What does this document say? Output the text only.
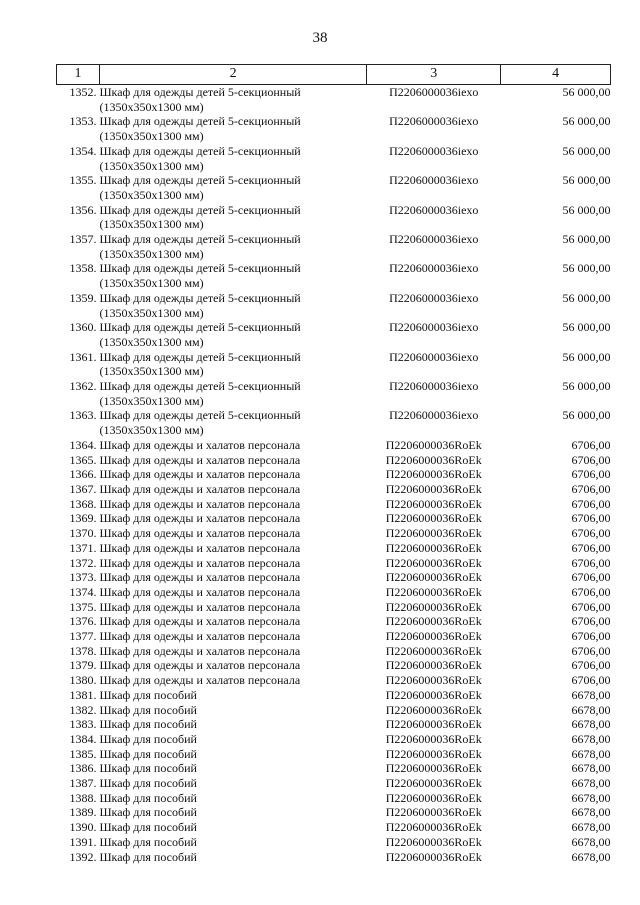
38
1	2	3	4
1352.	Шкаф для одежды детей 5-секционный (1350x350x1300 мм)	П2206000036iexo	56 000,00
1353.	Шкаф для одежды детей 5-секционный (1350x350x1300 мм)	П2206000036iexo	56 000,00
1354.	Шкаф для одежды детей 5-секционный (1350x350x1300 мм)	П2206000036iexo	56 000,00
1355.	Шкаф для одежды детей 5-секционный (1350x350x1300 мм)	П2206000036iexo	56 000,00
1356.	Шкаф для одежды детей 5-секционный (1350x350x1300 мм)	П2206000036iexo	56 000,00
1357.	Шкаф для одежды детей 5-секционный (1350x350x1300 мм)	П2206000036iexo	56 000,00
1358.	Шкаф для одежды детей 5-секционный (1350x350x1300 мм)	П2206000036iexo	56 000,00
1359.	Шкаф для одежды детей 5-секционный (1350x350x1300 мм)	П2206000036iexo	56 000,00
1360.	Шкаф для одежды детей 5-секционный (1350x350x1300 мм)	П2206000036iexo	56 000,00
1361.	Шкаф для одежды детей 5-секционный (1350x350x1300 мм)	П2206000036iexo	56 000,00
1362.	Шкаф для одежды детей 5-секционный (1350x350x1300 мм)	П2206000036iexo	56 000,00
1363.	Шкаф для одежды детей 5-секционный (1350x350x1300 мм)	П2206000036iexo	56 000,00
1364.	Шкаф для одежды и халатов персонала	П2206000036RoEk	6706,00
1365.	Шкаф для одежды и халатов персонала	П2206000036RoEk	6706,00
1366.	Шкаф для одежды и халатов персонала	П2206000036RoEk	6706,00
1367.	Шкаф для одежды и халатов персонала	П2206000036RoEk	6706,00
1368.	Шкаф для одежды и халатов персонала	П2206000036RoEk	6706,00
1369.	Шкаф для одежды и халатов персонала	П2206000036RoEk	6706,00
1370.	Шкаф для одежды и халатов персонала	П2206000036RoEk	6706,00
1371.	Шкаф для одежды и халатов персонала	П2206000036RoEk	6706,00
1372.	Шкаф для одежды и халатов персонала	П2206000036RoEk	6706,00
1373.	Шкаф для одежды и халатов персонала	П2206000036RoEk	6706,00
1374.	Шкаф для одежды и халатов персонала	П2206000036RoEk	6706,00
1375.	Шкаф для одежды и халатов персонала	П2206000036RoEk	6706,00
1376.	Шкаф для одежды и халатов персонала	П2206000036RoEk	6706,00
1377.	Шкаф для одежды и халатов персонала	П2206000036RoEk	6706,00
1378.	Шкаф для одежды и халатов персонала	П2206000036RoEk	6706,00
1379.	Шкаф для одежды и халатов персонала	П2206000036RoEk	6706,00
1380.	Шкаф для одежды и халатов персонала	П2206000036RoEk	6706,00
1381.	Шкаф для пособий	П2206000036RoEk	6678,00
1382.	Шкаф для пособий	П2206000036RoEk	6678,00
1383.	Шкаф для пособий	П2206000036RoEk	6678,00
1384.	Шкаф для пособий	П2206000036RoEk	6678,00
1385.	Шкаф для пособий	П2206000036RoEk	6678,00
1386.	Шкаф для пособий	П2206000036RoEk	6678,00
1387.	Шкаф для пособий	П2206000036RoEk	6678,00
1388.	Шкаф для пособий	П2206000036RoEk	6678,00
1389.	Шкаф для пособий	П2206000036RoEk	6678,00
1390.	Шкаф для пособий	П2206000036RoEk	6678,00
1391.	Шкаф для пособий	П2206000036RoEk	6678,00
1392.	Шкаф для пособий	П2206000036RoEk	6678,00
